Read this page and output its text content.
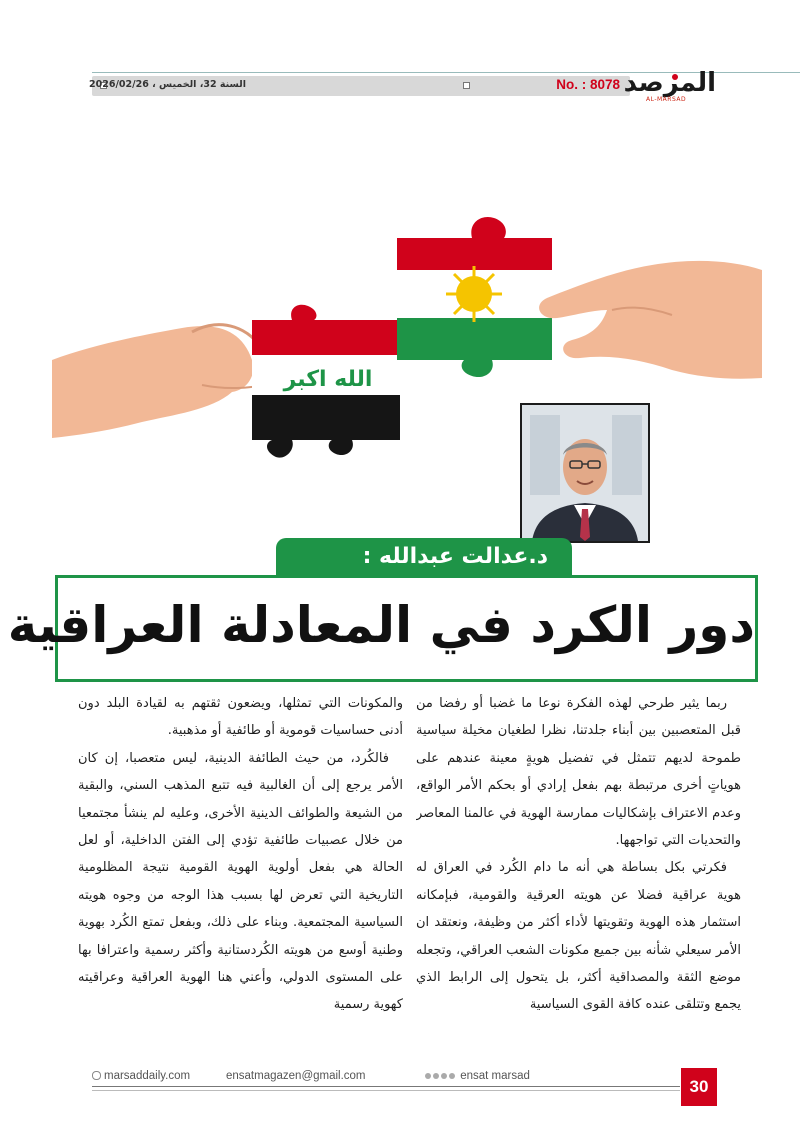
السنة 32، الخميس ، 2026/02/26	No. : 8078 المرصد
AL-MARSAD
الله اكبر
د.عدالت عبدالله :
دور الكرد في المعادلة العراقية

ربما يثير طرحي لهذه الفكرة نوعا ما غضبا أو رفضا من قبل المتعصبين بين أبناء جلدتنا، نظرا لطغيان مخيلة سياسية طموحة لديهم تتمثل في تفضيل هويةٍ معينة عندهم على هوياتٍ أخرى مرتبطة بهم بفعل إرادي أو بحكم الأمر الواقع، وعدم الاعتراف بإشكاليات ممارسة الهوية في عالمنا المعاصر والتحديات التي تواجهها.

فكرتي بكل بساطة هي أنه ما دام الكُرد في العراق له هوية عراقية فضلا عن هويته العرقية والقومية، فبإمكانه استثمار هذه الهوية وتقويتها لأداء أكثر من وظيفة، ونعتقد ان الأمر سيعلي شأنه بين جميع مكونات الشعب العراقي، وتجعله موضع الثقة والمصداقية أكثر، بل يتحول إلى الرابط الذي يجمع وتتلقى عنده كافة القوى السياسية

والمكونات التي تمثلها، ويضعون ثقتهم به لقيادة البلد دون أدنى حساسيات قوموية أو طائفية أو مذهبية.

فالكُرد، من حيث الطائفة الدينية، ليس متعصبا، إن كان الأمر يرجع إلى أن الغالبية فيه تتبع المذهب السني، والبقية من الشيعة والطوائف الدينية الأخرى، وعليه لم ينشأ مجتمعيا من خلال عصبيات طائفية تؤدي إلى الفتن الداخلية، أو لعل الحالة هي بفعل أولوية الهوية القومية نتيجة المظلومية التاريخية التي تعرض لها بسبب هذا الوجه من وجوه هويته السياسية المجتمعية. وبناء على ذلك، وبفعل تمتع الكُرد بهوية وطنية أوسع من هويته الكُردستانية وأكثر رسمية واعترافا بها على المستوى الدولي، وأعني هنا الهوية العراقية وعراقيته كهوية رسمية

marsaddaily.com	ensatmagazen@gmail.com	ensat marsad
30
